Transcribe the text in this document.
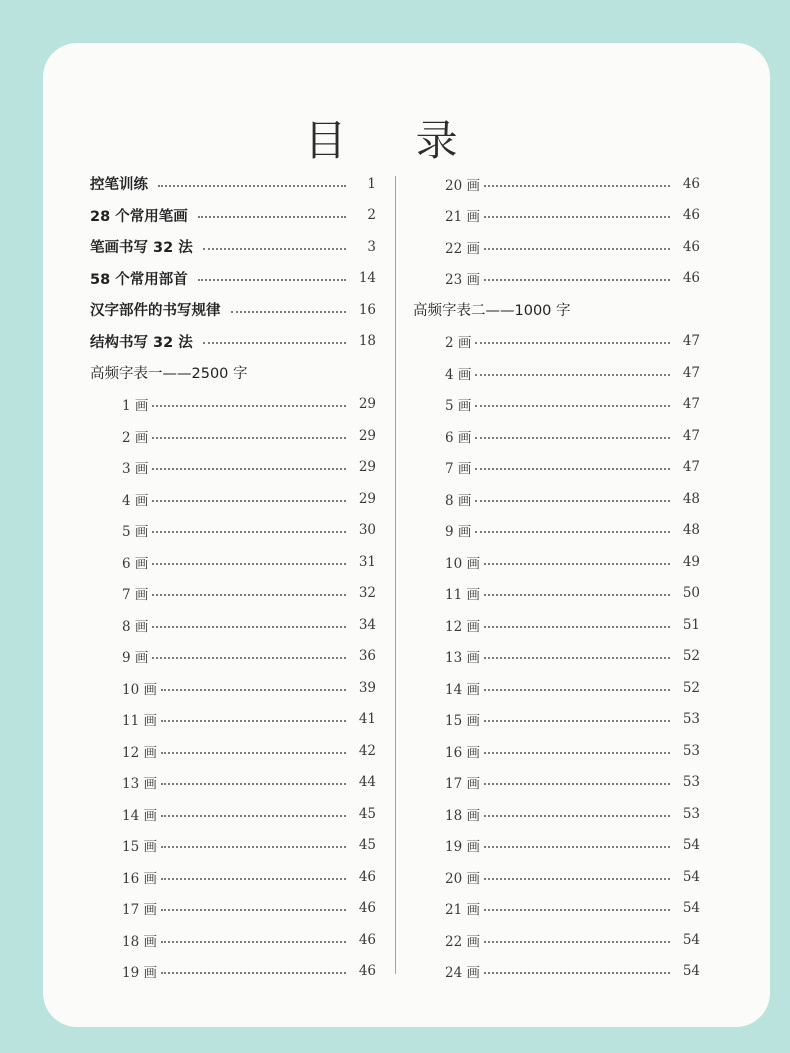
目 录
控笔训练	1
28 个常用笔画	2
笔画书写 32 法	3
58 个常用部首	14
汉字部件的书写规律	16
结构书写 32 法	18
高频字表一——2500 字
1 画	29
2 画	29
3 画	29
4 画	29
5 画	30
6 画	31
7 画	32
8 画	34
9 画	36
10 画	39
11 画	41
12 画	42
13 画	44
14 画	45
15 画	45
16 画	46
17 画	46
18 画	46
19 画	46
20 画	46
21 画	46
22 画	46
23 画	46
高频字表二——1000 字
2 画	47
4 画	47
5 画	47
6 画	47
7 画	47
8 画	48
9 画	48
10 画	49
11 画	50
12 画	51
13 画	52
14 画	52
15 画	53
16 画	53
17 画	53
18 画	53
19 画	54
20 画	54
21 画	54
22 画	54
24 画	54
